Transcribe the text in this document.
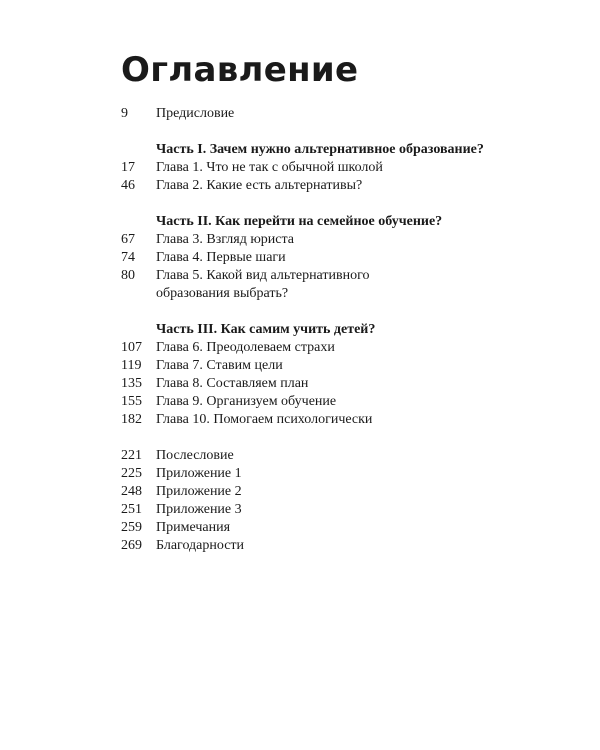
Оглавление
9	Предисловие
Часть I. Зачем нужно альтернативное образование?
17	Глава 1. Что не так с обычной школой
46	Глава 2. Какие есть альтернативы?
Часть II. Как перейти на семейное обучение?
67	Глава 3. Взгляд юриста
74	Глава 4. Первые шаги
80	Глава 5. Какой вид альтернативного
образования выбрать?
Часть III. Как самим учить детей?
107	Глава 6. Преодолеваем страхи
119	Глава 7. Ставим цели
135	Глава 8. Составляем план
155	Глава 9. Организуем обучение
182	Глава 10. Помогаем психологически
221	Послесловие
225	Приложение 1
248	Приложение 2
251	Приложение 3
259	Примечания
269	Благодарности
